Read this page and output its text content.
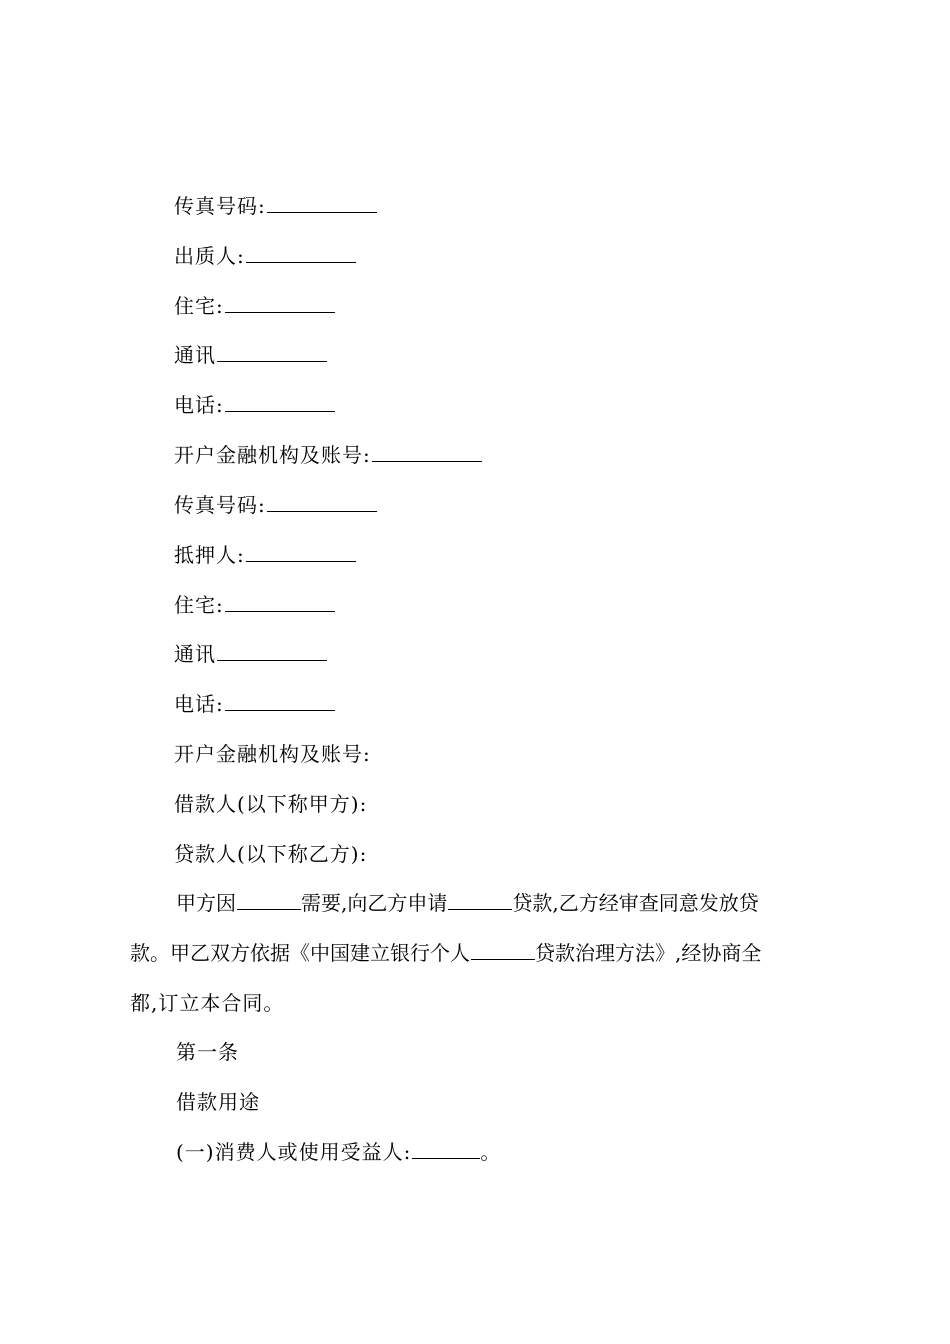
传真号码:
出质人:
住宅:
通讯
电话:
开户金融机构及账号:
传真号码:
抵押人:
住宅:
通讯
电话:
开户金融机构及账号:
借款人(以下称甲方):
贷款人(以下称乙方):
甲方因	需要,向乙方申请	贷款,乙方经审查同意发放贷
款。甲乙双方依据《中国建立银行个人	贷款治理方法》,经协商全
都,订立本合同。
第一条
借款用途
(一)消费人或使用受益人:	。
